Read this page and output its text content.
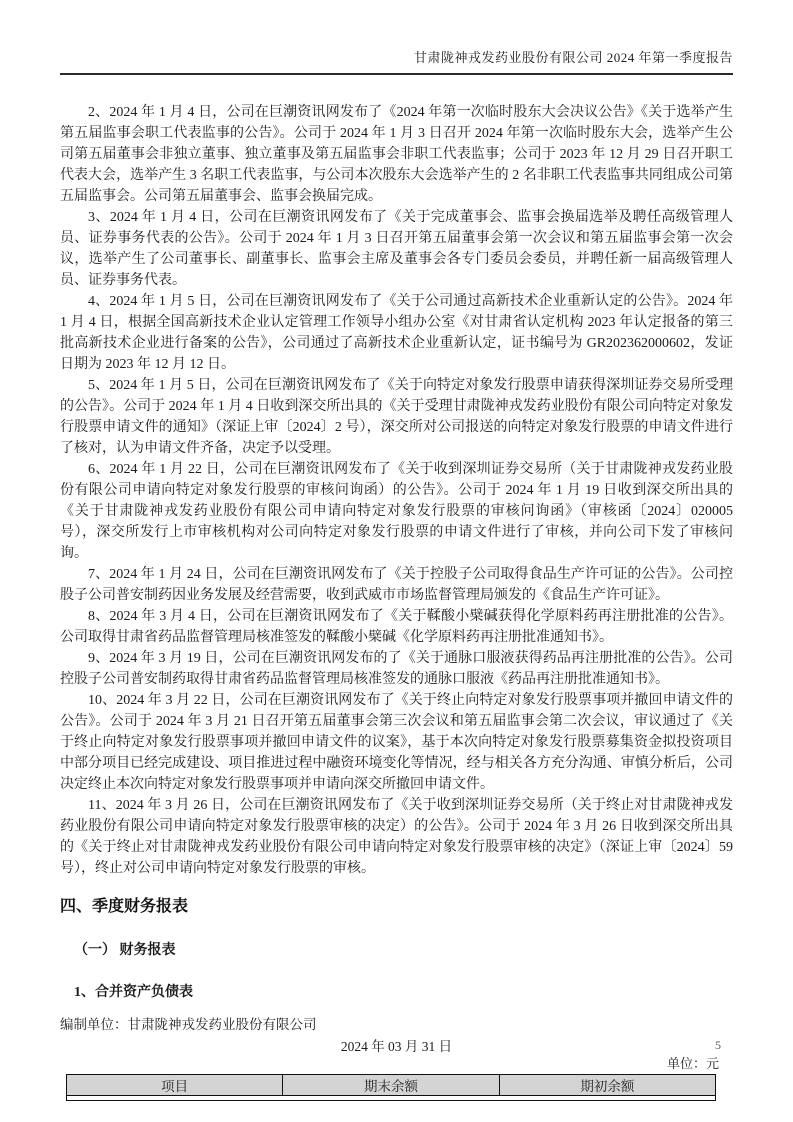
甘肃陇神戎发药业股份有限公司 2024 年第一季度报告

2、2024 年 1 月 4 日，公司在巨潮资讯网发布了《2024 年第一次临时股东大会决议公告》《关于选举产生第五届监事会职工代表监事的公告》。公司于 2024 年 1 月 3 日召开 2024 年第一次临时股东大会，选举产生公司第五届董事会非独立董事、独立董事及第五届监事会非职工代表监事；公司于 2023 年 12 月 29 日召开职工代表大会，选举产生 3 名职工代表监事，与公司本次股东大会选举产生的 2 名非职工代表监事共同组成公司第五届监事会。公司第五届董事会、监事会换届完成。

3、2024 年 1 月 4 日，公司在巨潮资讯网发布了《关于完成董事会、监事会换届选举及聘任高级管理人员、证券事务代表的公告》。公司于 2024 年 1 月 3 日召开第五届董事会第一次会议和第五届监事会第一次会议，选举产生了公司董事长、副董事长、监事会主席及董事会各专门委员会委员，并聘任新一届高级管理人员、证券事务代表。

4、2024 年 1 月 5 日，公司在巨潮资讯网发布了《关于公司通过高新技术企业重新认定的公告》。2024 年 1 月 4 日，根据全国高新技术企业认定管理工作领导小组办公室《对甘肃省认定机构 2023 年认定报备的第三批高新技术企业进行备案的公告》，公司通过了高新技术企业重新认定，证书编号为 GR202362000602，发证日期为 2023 年 12 月 12 日。

5、2024 年 1 月 5 日，公司在巨潮资讯网发布了《关于向特定对象发行股票申请获得深圳证券交易所受理的公告》。公司于 2024 年 1 月 4 日收到深交所出具的《关于受理甘肃陇神戎发药业股份有限公司向特定对象发行股票申请文件的通知》（深证上审〔2024〕2 号），深交所对公司报送的向特定对象发行股票的申请文件进行了核对，认为申请文件齐备，决定予以受理。

6、2024 年 1 月 22 日，公司在巨潮资讯网发布了《关于收到深圳证券交易所（关于甘肃陇神戎发药业股份有限公司申请向特定对象发行股票的审核问询函）的公告》。公司于 2024 年 1 月 19 日收到深交所出具的《关于甘肃陇神戎发药业股份有限公司申请向特定对象发行股票的审核问询函》（审核函〔2024〕020005 号），深交所发行上市审核机构对公司向特定对象发行股票的申请文件进行了审核，并向公司下发了审核问询。

7、2024 年 1 月 24 日，公司在巨潮资讯网发布了《关于控股子公司取得食品生产许可证的公告》。公司控股子公司普安制药因业务发展及经营需要，收到武威市市场监督管理局颁发的《食品生产许可证》。

8、2024 年 3 月 4 日，公司在巨潮资讯网发布了《关于鞣酸小檗碱获得化学原料药再注册批准的公告》。公司取得甘肃省药品监督管理局核准签发的鞣酸小檗碱《化学原料药再注册批准通知书》。

9、2024 年 3 月 19 日，公司在巨潮资讯网发布的了《关于通脉口服液获得药品再注册批准的公告》。公司控股子公司普安制药取得甘肃省药品监督管理局核准签发的通脉口服液《药品再注册批准通知书》。

10、2024 年 3 月 22 日，公司在巨潮资讯网发布了《关于终止向特定对象发行股票事项并撤回申请文件的公告》。公司于 2024 年 3 月 21 日召开第五届董事会第三次会议和第五届监事会第二次会议，审议通过了《关于终止向特定对象发行股票事项并撤回申请文件的议案》，基于本次向特定对象发行股票募集资金拟投资项目中部分项目已经完成建设、项目推进过程中融资环境变化等情况，经与相关各方充分沟通、审慎分析后，公司决定终止本次向特定对象发行股票事项并申请向深交所撤回申请文件。

11、2024 年 3 月 26 日，公司在巨潮资讯网发布了《关于收到深圳证券交易所（关于终止对甘肃陇神戎发药业股份有限公司申请向特定对象发行股票审核的决定）的公告》。公司于 2024 年 3 月 26 日收到深交所出具的《关于终止对甘肃陇神戎发药业股份有限公司申请向特定对象发行股票审核的决定》（深证上审〔2024〕59 号），终止对公司申请向特定对象发行股票的审核。

四、季度财务报表
（一） 财务报表
1、合并资产负债表
编制单位：甘肃陇神戎发药业股份有限公司
2024 年 03 月 31 日
单位：元
项目	期末余额	期初余额

5
